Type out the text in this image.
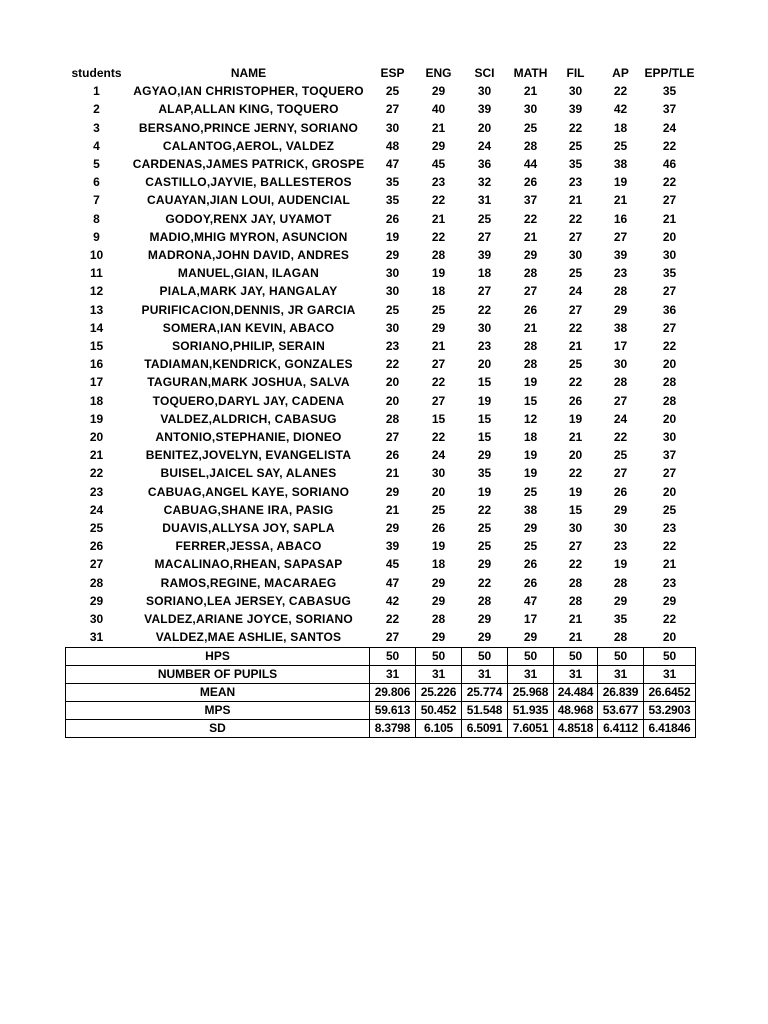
students	NAME	ESP	ENG	SCI	MATH	FIL	AP	EPP/TLE
1	AGYAO,IAN CHRISTOPHER, TOQUERO	25	29	30	21	30	22	35
2	ALAP,ALLAN KING, TOQUERO	27	40	39	30	39	42	37
3	BERSANO,PRINCE JERNY, SORIANO	30	21	20	25	22	18	24
4	CALANTOG,AEROL, VALDEZ	48	29	24	28	25	25	22
5	CARDENAS,JAMES PATRICK, GROSPE	47	45	36	44	35	38	46
6	CASTILLO,JAYVIE, BALLESTEROS	35	23	32	26	23	19	22
7	CAUAYAN,JIAN LOUI, AUDENCIAL	35	22	31	37	21	21	27
8	GODOY,RENX JAY, UYAMOT	26	21	25	22	22	16	21
9	MADIO,MHIG MYRON, ASUNCION	19	22	27	21	27	27	20
10	MADRONA,JOHN DAVID, ANDRES	29	28	39	29	30	39	30
11	MANUEL,GIAN, ILAGAN	30	19	18	28	25	23	35
12	PIALA,MARK JAY, HANGALAY	30	18	27	27	24	28	27
13	PURIFICACION,DENNIS, JR GARCIA	25	25	22	26	27	29	36
14	SOMERA,IAN KEVIN, ABACO	30	29	30	21	22	38	27
15	SORIANO,PHILIP, SERAIN	23	21	23	28	21	17	22
16	TADIAMAN,KENDRICK, GONZALES	22	27	20	28	25	30	20
17	TAGURAN,MARK JOSHUA, SALVA	20	22	15	19	22	28	28
18	TOQUERO,DARYL JAY, CADENA	20	27	19	15	26	27	28
19	VALDEZ,ALDRICH, CABASUG	28	15	15	12	19	24	20
20	ANTONIO,STEPHANIE, DIONEO	27	22	15	18	21	22	30
21	BENITEZ,JOVELYN, EVANGELISTA	26	24	29	19	20	25	37
22	BUISEL,JAICEL SAY, ALANES	21	30	35	19	22	27	27
23	CABUAG,ANGEL KAYE, SORIANO	29	20	19	25	19	26	20
24	CABUAG,SHANE IRA, PASIG	21	25	22	38	15	29	25
25	DUAVIS,ALLYSA JOY, SAPLA	29	26	25	29	30	30	23
26	FERRER,JESSA, ABACO	39	19	25	25	27	23	22
27	MACALINAO,RHEAN, SAPASAP	45	18	29	26	22	19	21
28	RAMOS,REGINE, MACARAEG	47	29	22	26	28	28	23
29	SORIANO,LEA JERSEY, CABASUG	42	29	28	47	28	29	29
30	VALDEZ,ARIANE JOYCE, SORIANO	22	28	29	17	21	35	22
31	VALDEZ,MAE ASHLIE, SANTOS	27	29	29	29	21	28	20
HPS		50	50	50	50	50	50	50
NUMBER OF PUPILS		31	31	31	31	31	31	31
MEAN		29.806	25.226	25.774	25.968	24.484	26.839	26.6452
MPS		59.613	50.452	51.548	51.935	48.968	53.677	53.2903
SD		8.3798	6.105	6.5091	7.6051	4.8518	6.4112	6.41846
